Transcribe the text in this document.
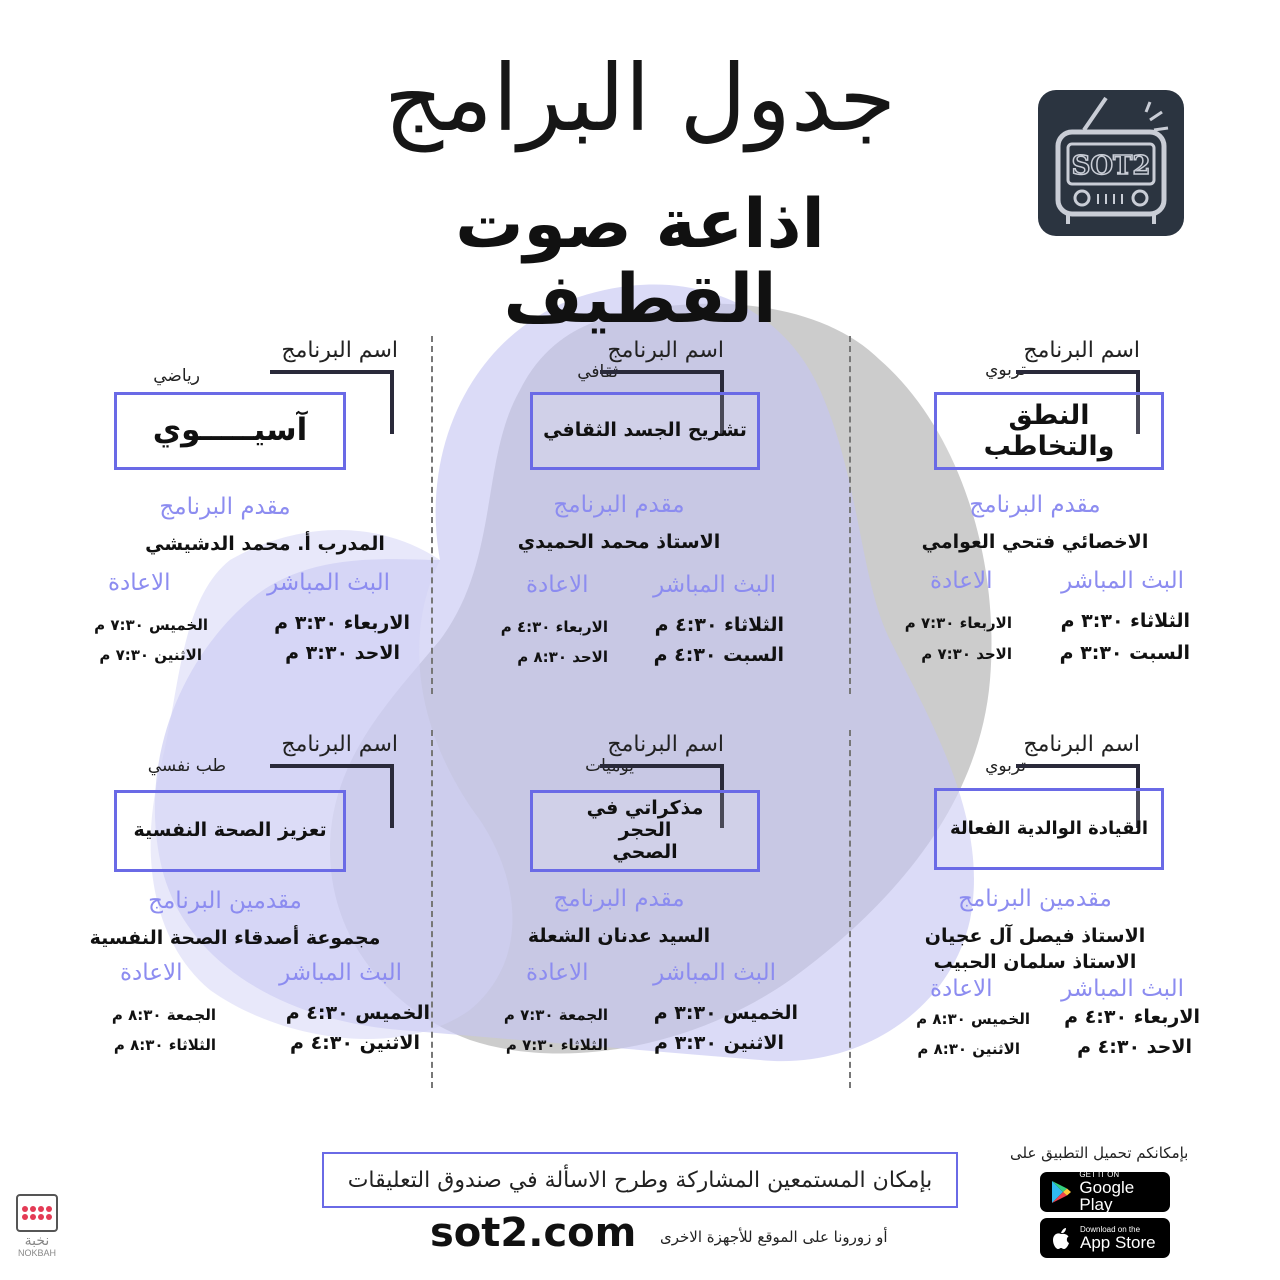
جدول البرامج
اذاعة صوت القطيف
SOT2
اسم البرنامج
تربوي
النطق والتخاطب
مقدم البرنامج
الاخصائي فتحي العوامي
البث المباشر
الاعادة
الثلاثاء ٣:٣٠ م
السبت ٣:٣٠ م
الاربعاء ٧:٣٠ م
الاحد ٧:٣٠ م
اسم البرنامج
ثقافي
تشريح الجسد الثقافي
مقدم البرنامج
الاستاذ محمد الحميدي
البث المباشر
الاعادة
الثلاثاء ٤:٣٠ م
السبت ٤:٣٠ م
الاربعاء ٤:٣٠ م
الاحد ٨:٣٠ م
اسم البرنامج
رياضي
آسيـــــوي
مقدم البرنامج
المدرب أ. محمد الدشيشي
البث المباشر
الاعادة
الاربعاء ٣:٣٠ م
الاحد ٣:٣٠ م
الخميس ٧:٣٠ م
الاثنين ٧:٣٠ م
اسم البرنامج
تربوي
القيادة الوالدية الفعالة
مقدمين البرنامج
الاستاذ فيصل آل عجيان
الاستاذ سلمان الحبيب
البث المباشر
الاعادة
الاربعاء ٤:٣٠ م
الاحد ٤:٣٠ م
الخميس ٨:٣٠ م
الاثنين ٨:٣٠ م
اسم البرنامج
يوميات
مذكراتي في الحجر الصحي
مقدم البرنامج
السيد عدنان الشعلة
البث المباشر
الاعادة
الخميس ٣:٣٠ م
الاثنين ٣:٣٠ م
الجمعة ٧:٣٠ م
الثلاثاء ٧:٣٠ م
اسم البرنامج
طب نفسي
تعزيز الصحة النفسية
مقدمين البرنامج
مجموعة أصدقاء الصحة النفسية
البث المباشر
الاعادة
الخميس ٤:٣٠ م
الاثنين ٤:٣٠ م
الجمعة ٨:٣٠ م
الثلاثاء ٨:٣٠ م
بإمكان المستمعين المشاركة وطرح الاسألة في صندوق التعليقات
sot2.com أو زورونا على الموقع للأجهزة الاخرى
بإمكانكم تحميل التطبيق على
GET IT ON
Google Play
Download on the
App Store
نخبة
NOKBAH
